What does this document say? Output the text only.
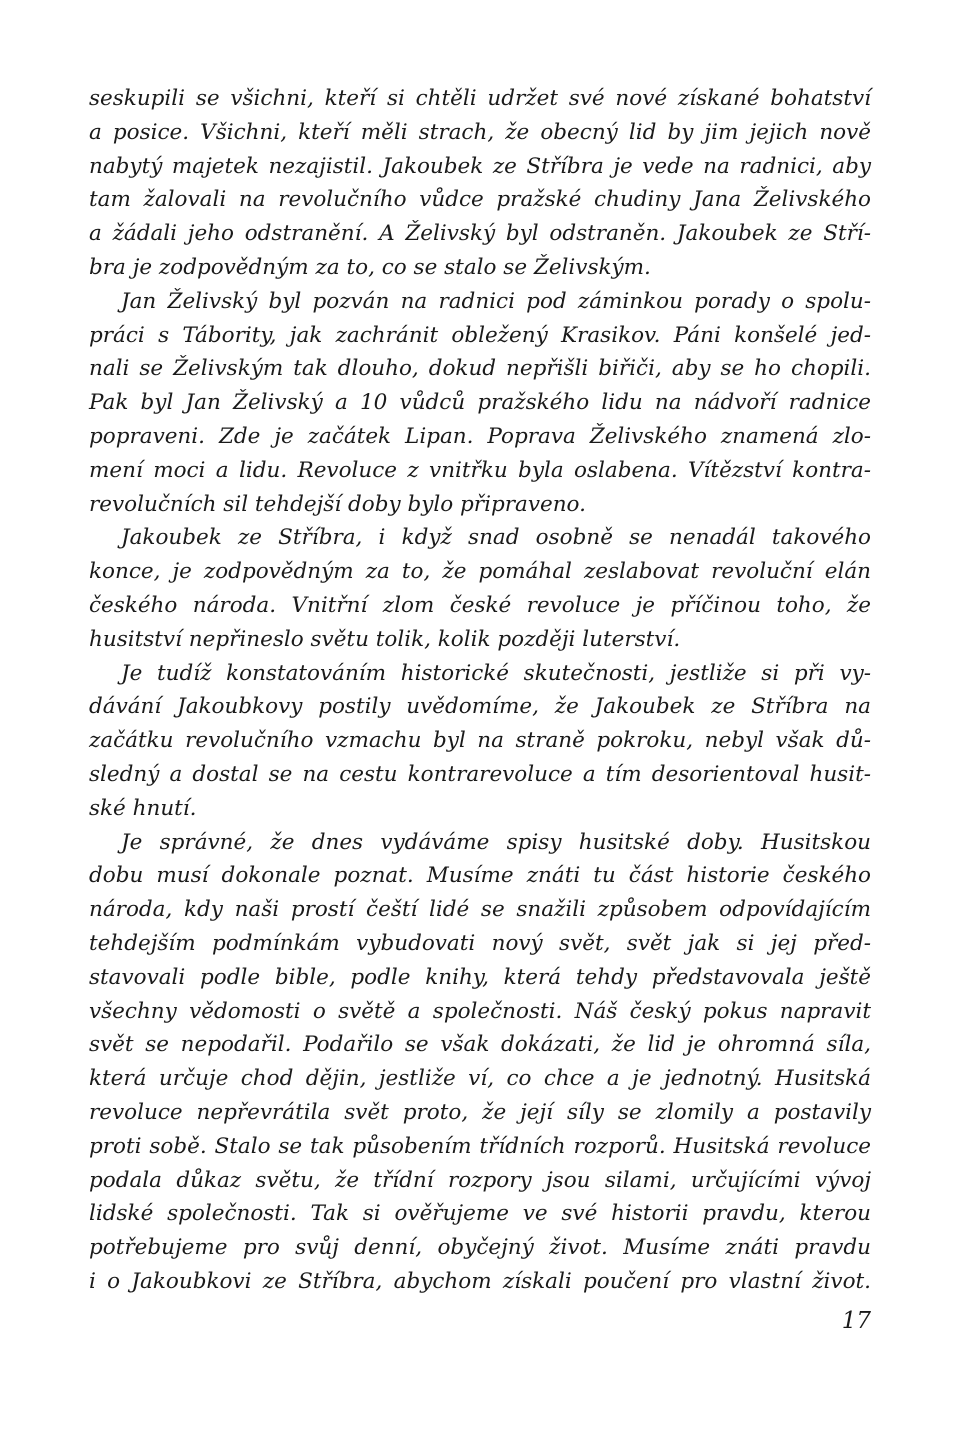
seskupili se všichni, kteří si chtěli udržet své nové získané bohatství
a posice. Všichni, kteří měli strach, že obecný lid by jim jejich nově
nabytý majetek nezajistil. Jakoubek ze Stříbra je vede na radnici, aby
tam žalovali na revolučního vůdce pražské chudiny Jana Želivského
a žádali jeho odstranění. A Želivský byl odstraněn. Jakoubek ze Stří-
bra je zodpovědným za to, co se stalo se Želivským.
Jan Želivský byl pozván na radnici pod záminkou porady o spolu-
práci s Tábority, jak zachránit obležený Krasikov. Páni konšelé jed-
nali se Želivským tak dlouho, dokud nepřišli biřiči, aby se ho chopili.
Pak byl Jan Želivský a 10 vůdců pražského lidu na nádvoří radnice
popraveni. Zde je začátek Lipan. Poprava Želivského znamená zlo-
mení moci a lidu. Revoluce z vnitřku byla oslabena. Vítězství kontra-
revolučních sil tehdejší doby bylo připraveno.
Jakoubek ze Stříbra, i když snad osobně se nenadál takového
konce, je zodpovědným za to, že pomáhal zeslabovat revoluční elán
českého národa. Vnitřní zlom české revoluce je příčinou toho, že
husitství nepřineslo světu tolik, kolik později luterství.
Je tudíž konstatováním historické skutečnosti, jestliže si při vy-
dávání Jakoubkovy postily uvědomíme, že Jakoubek ze Stříbra na
začátku revolučního vzmachu byl na straně pokroku, nebyl však dů-
sledný a dostal se na cestu kontrarevoluce a tím desorientoval husit-
ské hnutí.
Je správné, že dnes vydáváme spisy husitské doby. Husitskou
dobu musí dokonale poznat. Musíme znáti tu část historie českého
národa, kdy naši prostí čeští lidé se snažili způsobem odpovídajícím
tehdejším podmínkám vybudovati nový svět, svět jak si jej před-
stavovali podle bible, podle knihy, která tehdy představovala ještě
všechny vědomosti o světě a společnosti. Náš český pokus napravit
svět se nepodařil. Podařilo se však dokázati, že lid je ohromná síla,
která určuje chod dějin, jestliže ví, co chce a je jednotný. Husitská
revoluce nepřevrátila svět proto, že její síly se zlomily a postavily
proti sobě. Stalo se tak působením třídních rozporů. Husitská revoluce
podala důkaz světu, že třídní rozpory jsou silami, určujícími vývoj
lidské společnosti. Tak si ověřujeme ve své historii pravdu, kterou
potřebujeme pro svůj denní, obyčejný život. Musíme znáti pravdu
i o Jakoubkovi ze Stříbra, abychom získali poučení pro vlastní život.
17
